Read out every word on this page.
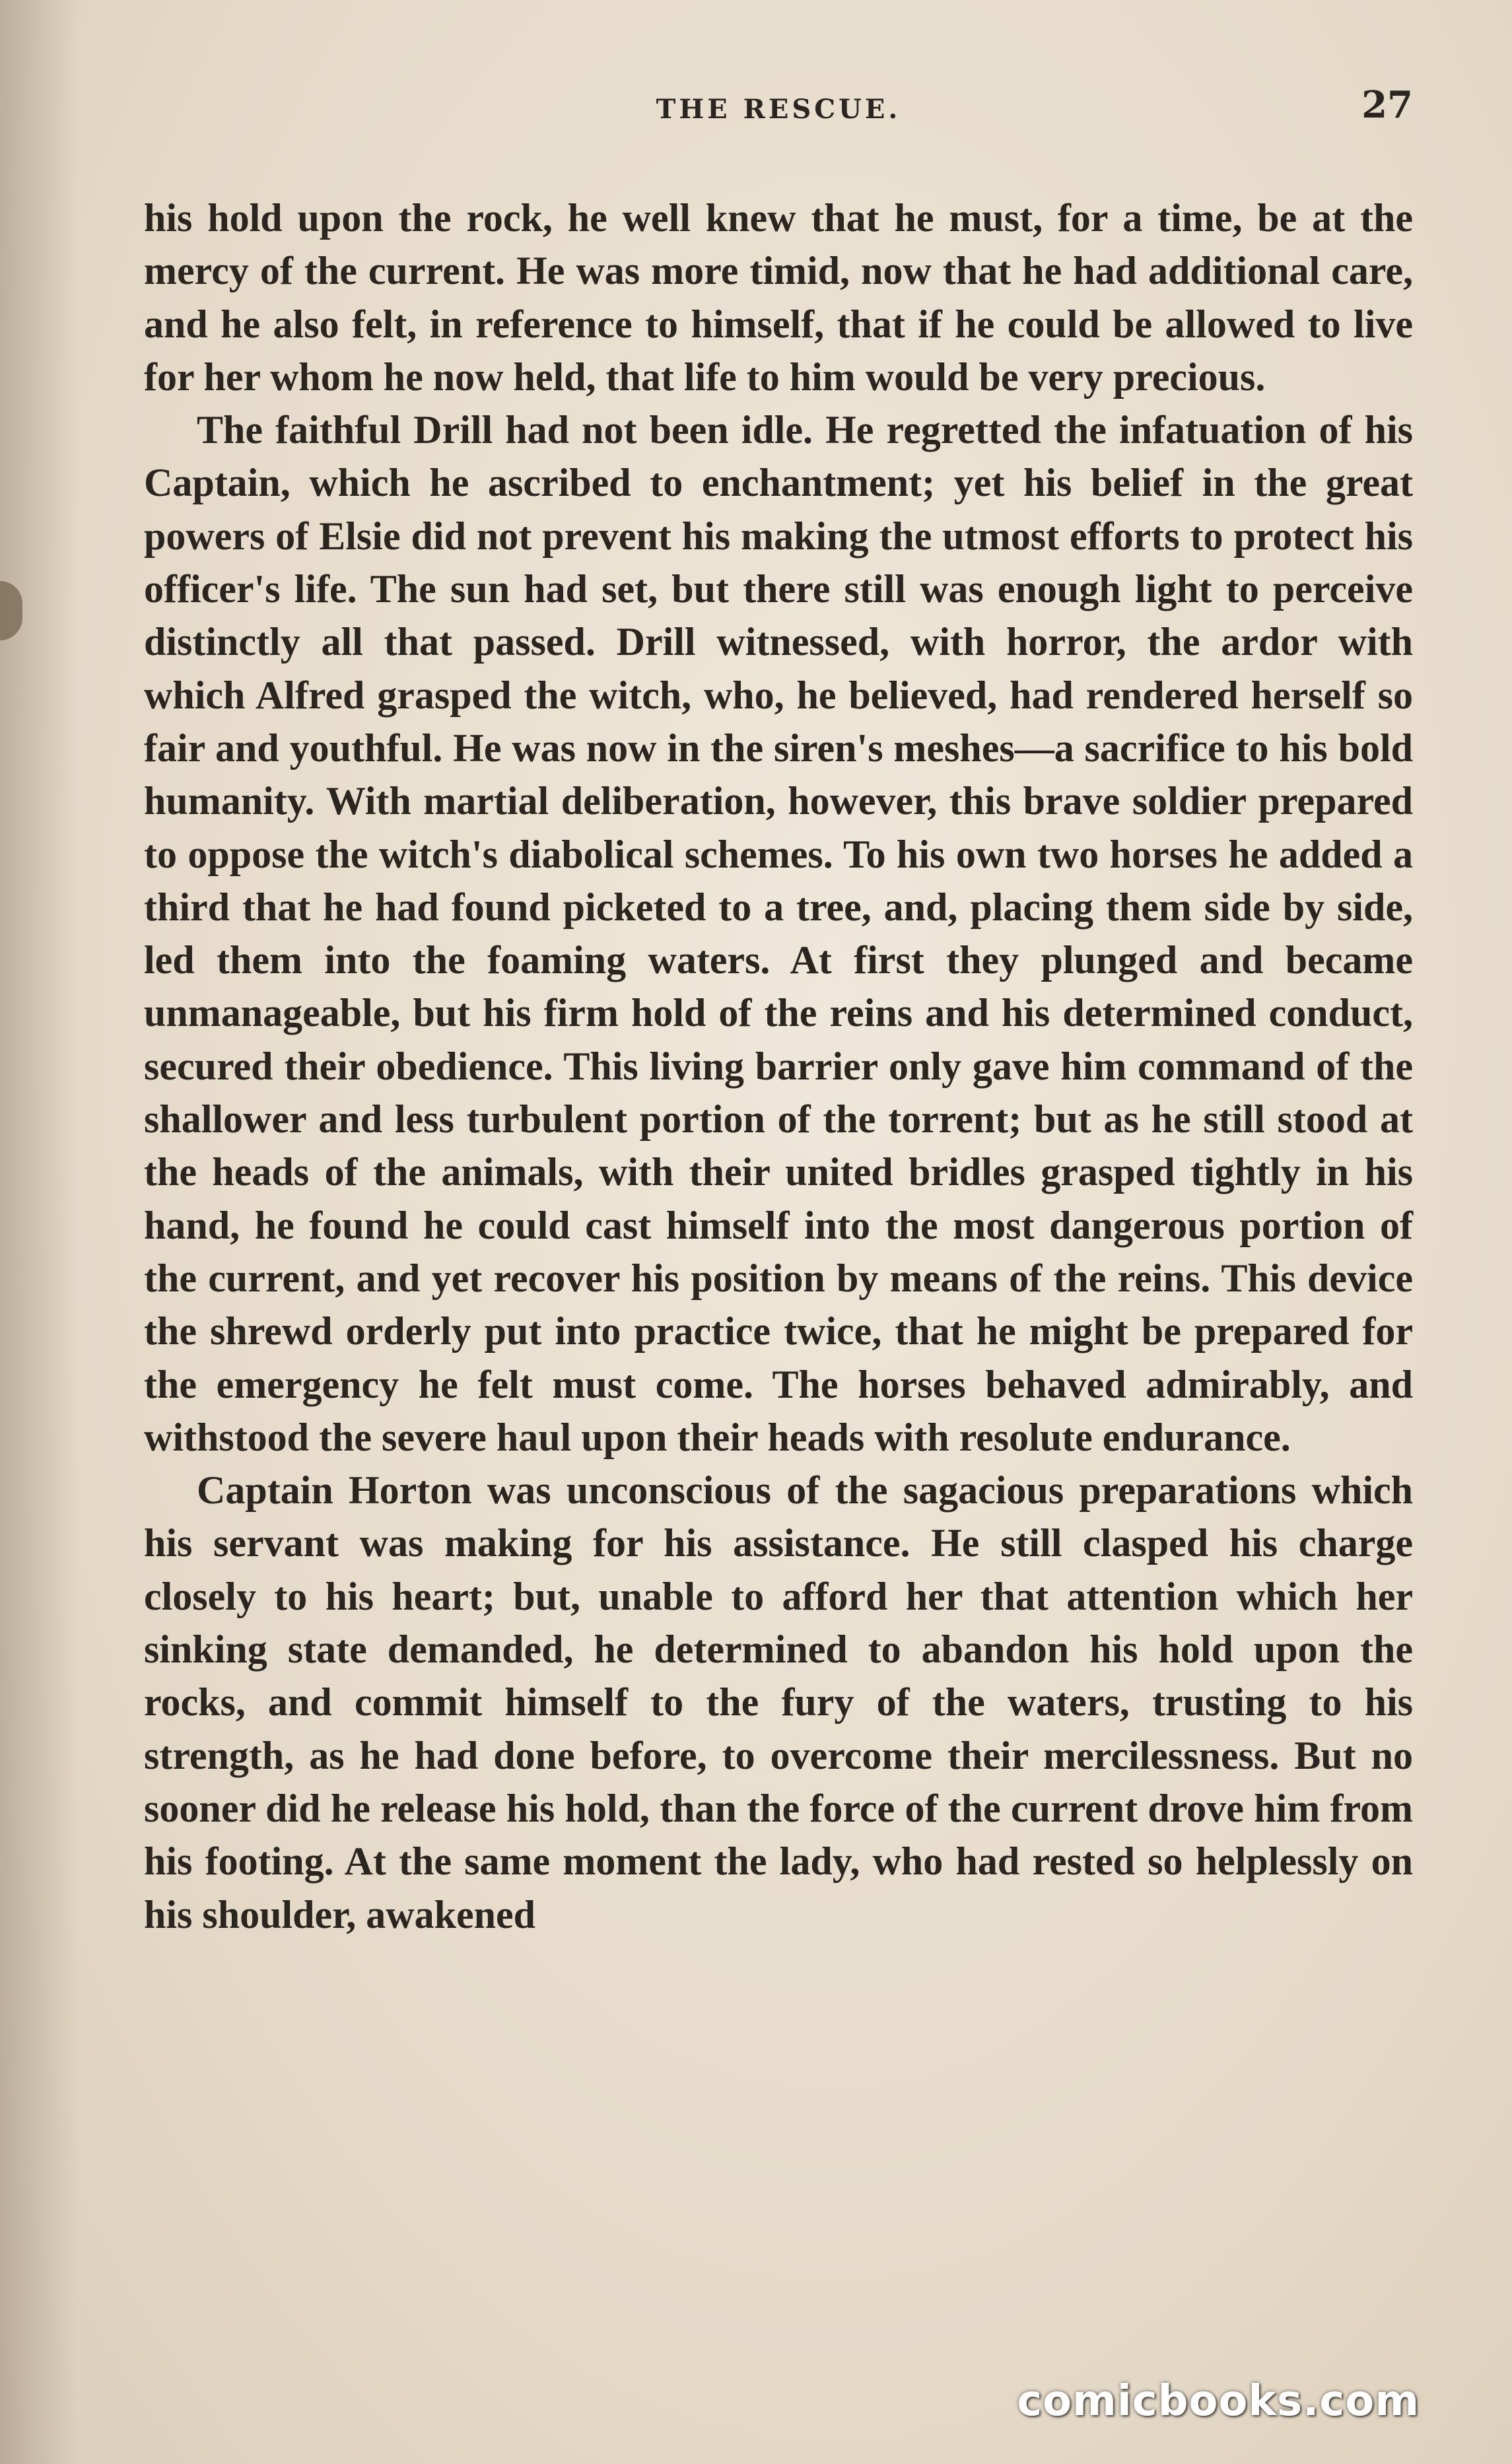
THE RESCUE.	27

his hold upon the rock, he well knew that he must, for a time, be at the mercy of the current. He was more timid, now that he had additional care, and he also felt, in reference to himself, that if he could be allowed to live for her whom he now held, that life to him would be very precious.

The faithful Drill had not been idle. He regretted the infatuation of his Captain, which he ascribed to enchantment; yet his belief in the great powers of Elsie did not prevent his making the utmost efforts to protect his officer's life. The sun had set, but there still was enough light to perceive distinctly all that passed. Drill witnessed, with horror, the ardor with which Alfred grasped the witch, who, he believed, had rendered herself so fair and youthful. He was now in the siren's meshes—a sacrifice to his bold humanity. With martial deliberation, however, this brave soldier prepared to oppose the witch's diabolical schemes. To his own two horses he added a third that he had found picketed to a tree, and, placing them side by side, led them into the foaming waters. At first they plunged and became unmanageable, but his firm hold of the reins and his determined conduct, secured their obedience. This living barrier only gave him command of the shallower and less turbulent portion of the torrent; but as he still stood at the heads of the animals, with their united bridles grasped tightly in his hand, he found he could cast himself into the most dangerous portion of the current, and yet recover his position by means of the reins. This device the shrewd orderly put into practice twice, that he might be prepared for the emergency he felt must come. The horses behaved admirably, and withstood the severe haul upon their heads with resolute endurance.

Captain Horton was unconscious of the sagacious preparations which his servant was making for his assistance. He still clasped his charge closely to his heart; but, unable to afford her that attention which her sinking state demanded, he determined to abandon his hold upon the rocks, and commit himself to the fury of the waters, trusting to his strength, as he had done before, to overcome their mercilessness. But no sooner did he release his hold, than the force of the current drove him from his footing. At the same moment the lady, who had rested so helplessly on his shoulder, awakened

comicbooks.com
